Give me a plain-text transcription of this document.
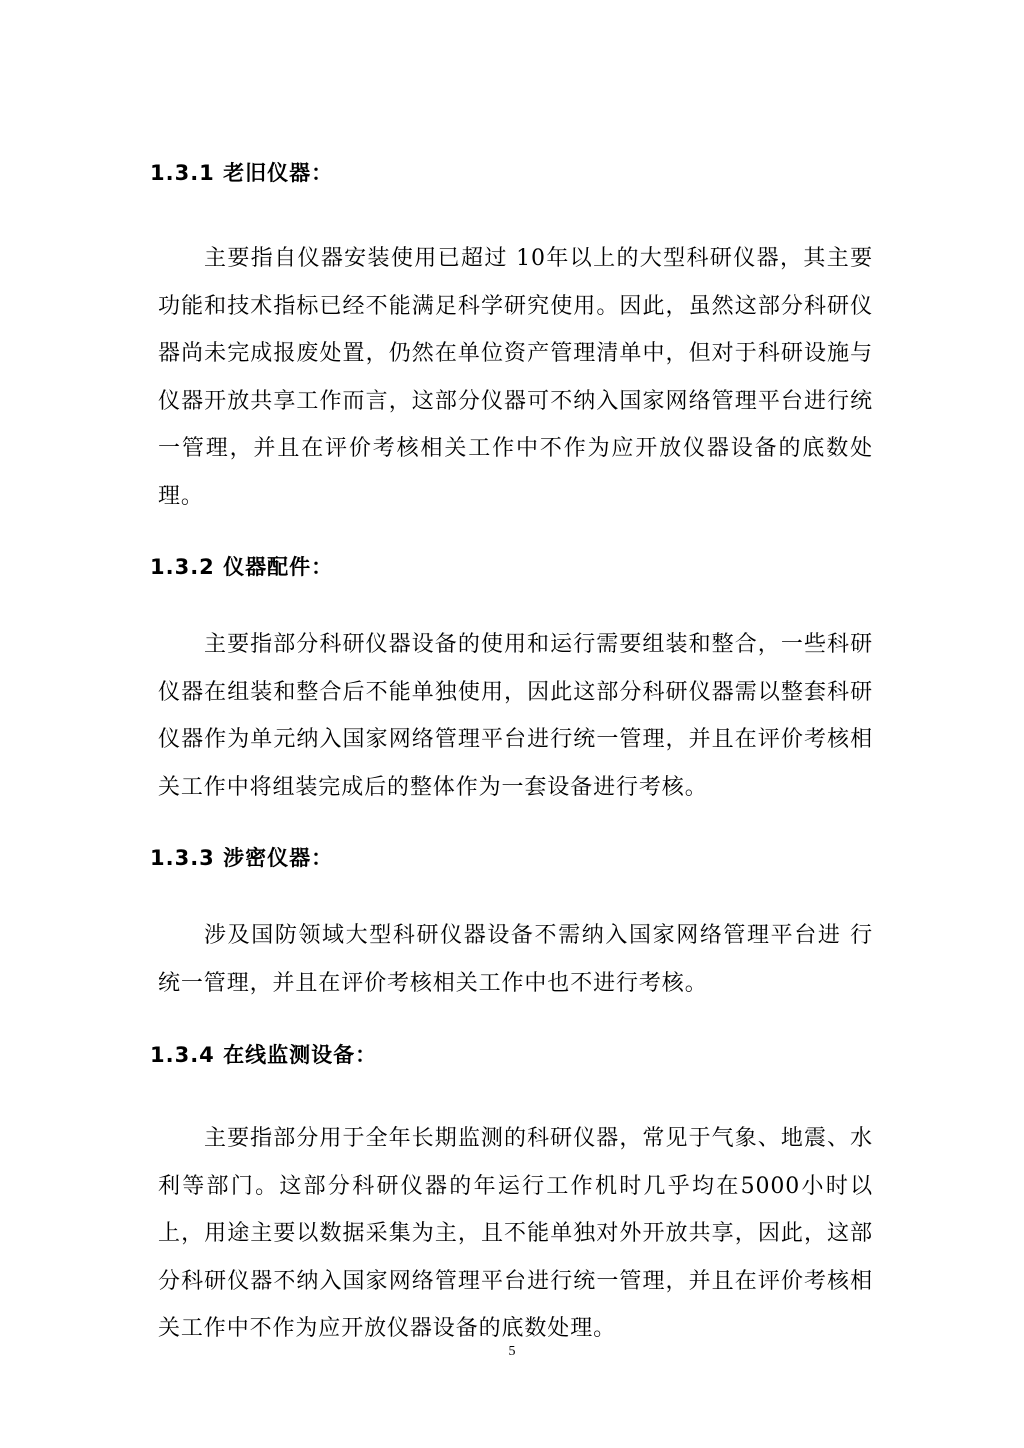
1.3.1 老旧仪器：

主要指自仪器安装使用已超过 10年以上的大型科研仪器，其主要功能和技术指标已经不能满足科学研究使用。因此，虽然这部分科研仪器尚未完成报废处置，仍然在单位资产管理清单中，但对于科研设施与仪器开放共享工作而言，这部分仪器可不纳入国家网络管理平台进行统一管理，并且在评价考核相关工作中不作为应开放仪器设备的底数处理。

1.3.2 仪器配件：

主要指部分科研仪器设备的使用和运行需要组装和整合，一些科研仪器在组装和整合后不能单独使用，因此这部分科研仪器需以整套科研仪器作为单元纳入国家网络管理平台进行统一管理，并且在评价考核相关工作中将组装完成后的整体作为一套设备进行考核。

1.3.3 涉密仪器：

涉及国防领域大型科研仪器设备不需纳入国家网络管理平台进 行统一管理，并且在评价考核相关工作中也不进行考核。

1.3.4 在线监测设备：

主要指部分用于全年长期监测的科研仪器，常见于气象、地震、水利等部门。这部分科研仪器的年运行工作机时几乎均在5000小时以上，用途主要以数据采集为主，且不能单独对外开放共享，因此，这部分科研仪器不纳入国家网络管理平台进行统一管理，并且在评价考核相关工作中不作为应开放仪器设备的底数处理。

5
